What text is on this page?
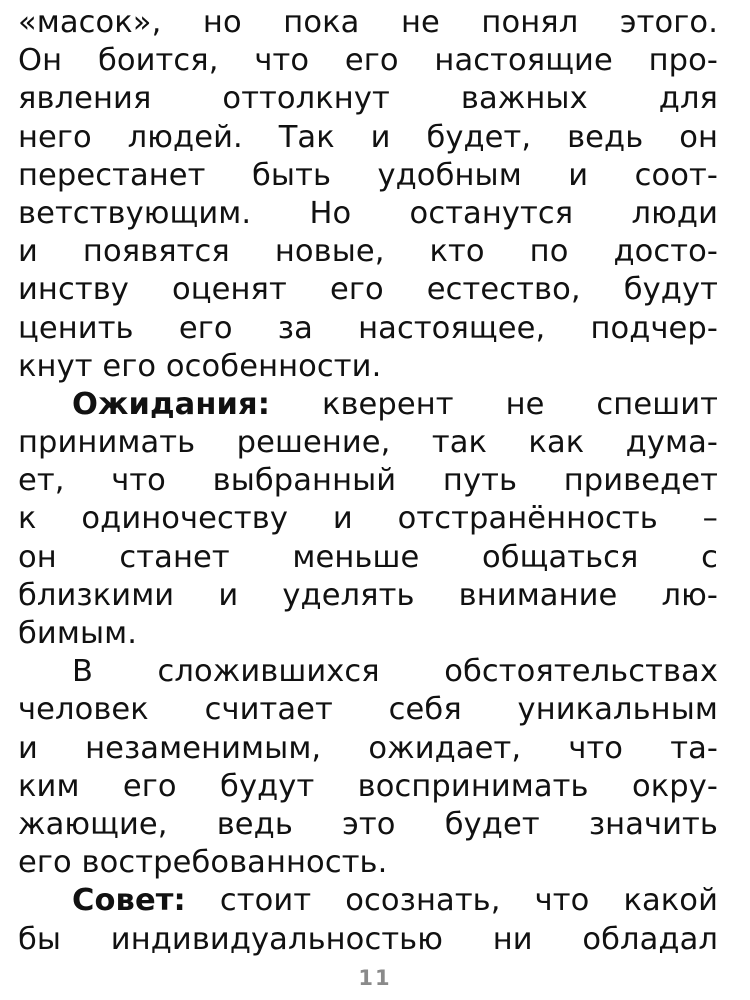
«масок», но пока не понял этого.
Он боится, что его настоящие про-
явления оттолкнут важных для
него людей. Так и будет, ведь он
перестанет быть удобным и соот-
ветствующим. Но останутся люди
и появятся новые, кто по досто-
инству оценят его естество, будут
ценить его за настоящее, подчер-
кнут его особенности.
Ожидания: кверент не спешит
принимать решение, так как дума-
ет, что выбранный путь приведет
к одиночеству и отстранённость –
он станет меньше общаться с
близкими и уделять внимание лю-
бимым.
В сложившихся обстоятельствах
человек считает себя уникальным
и незаменимым, ожидает, что та-
ким его будут воспринимать окру-
жающие, ведь это будет значить
его востребованность.
Совет: стоит осознать, что какой
бы индивидуальностью ни обладал
11
